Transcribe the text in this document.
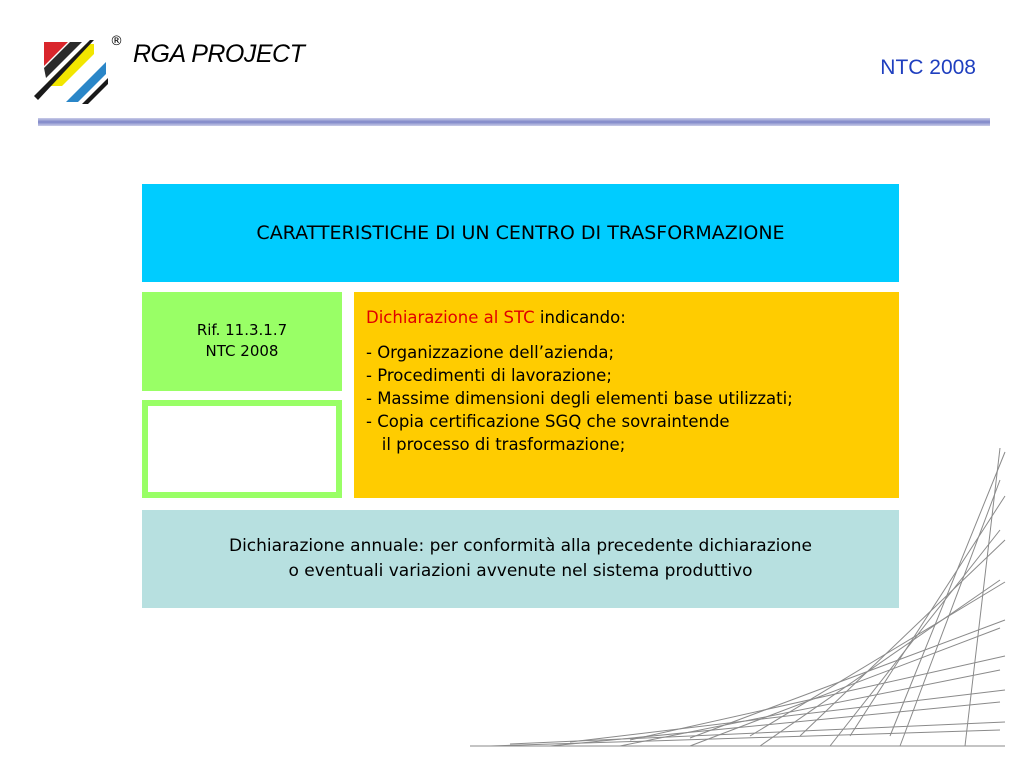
® RGA PROJECT	NTC 2008
CARATTERISTICHE DI UN CENTRO DI TRASFORMAZIONE
Rif. 11.3.1.7
NTC 2008
Dichiarazione al STC indicando:
- Organizzazione dell’azienda;
- Procedimenti di lavorazione;
- Massime dimensioni degli elementi base utilizzati;
- Copia certificazione SGQ che sovraintende
il processo di trasformazione;
Dichiarazione annuale: per conformità alla precedente dichiarazione
o eventuali variazioni avvenute nel sistema produttivo
